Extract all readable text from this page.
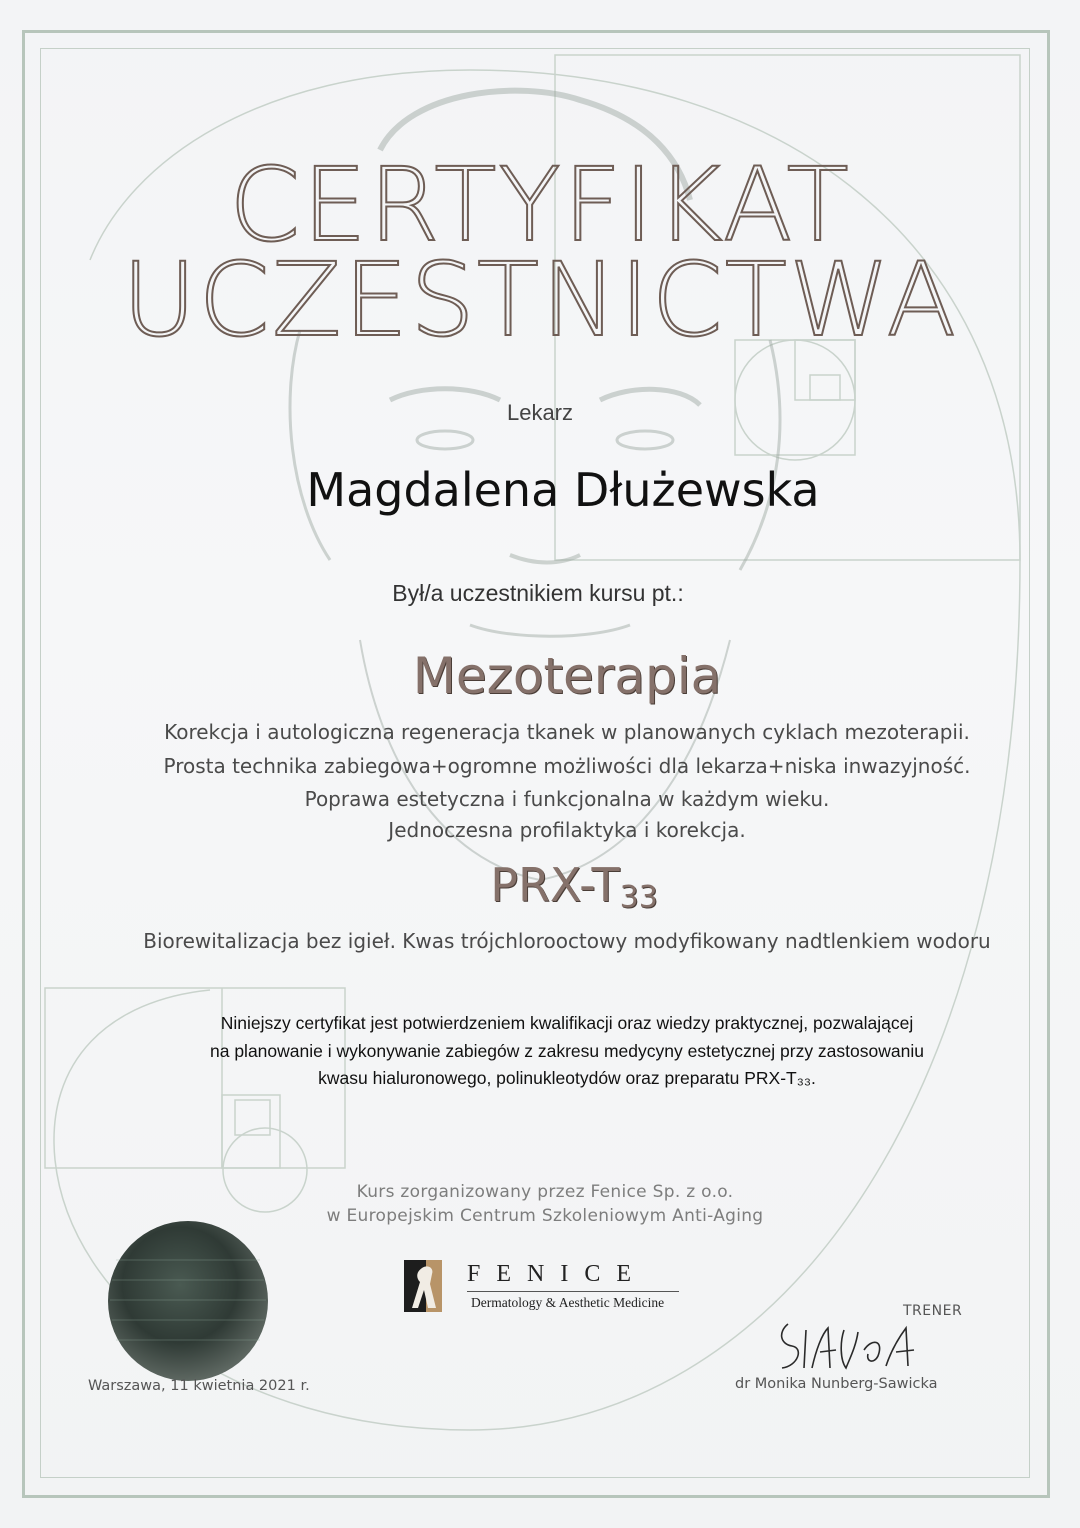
CERTYFIKAT
UCZESTNICTWA
Lekarz
Magdalena Dłużewska
Był/a uczestnikiem kursu pt.:
Mezoterapia
Korekcja i autologiczna regeneracja tkanek w planowanych cyklach mezoterapii.
Prosta technika zabiegowa+ogromne możliwości dla lekarza+niska inwazyjność.
Poprawa estetyczna i funkcjonalna w każdym wieku.
Jednoczesna profilaktyka i korekcja.
PRX-$T_{33}$
Biorewitalizacja bez igieł. Kwas trójchlorooctowy modyfikowany nadtlenkiem wodoru
Niniejszy certyfikat jest potwierdzeniem kwalifikacji oraz wiedzy praktycznej, pozwalającej
na planowanie i wykonywanie zabiegów z zakresu medycyny estetycznej przy zastosowaniu
kwasu hialuronowego, polinukleotydów oraz preparatu PRX-T₃₃.
Kurs zorganizowany przez Fenice Sp. z o.o.
w Europejskim Centrum Szkoleniowym Anti-Aging
FENICE
Dermatology & Aesthetic Medicine
Warszawa, 11 kwietnia 2021 r.
TRENER
dr Monika Nunberg-Sawicka
